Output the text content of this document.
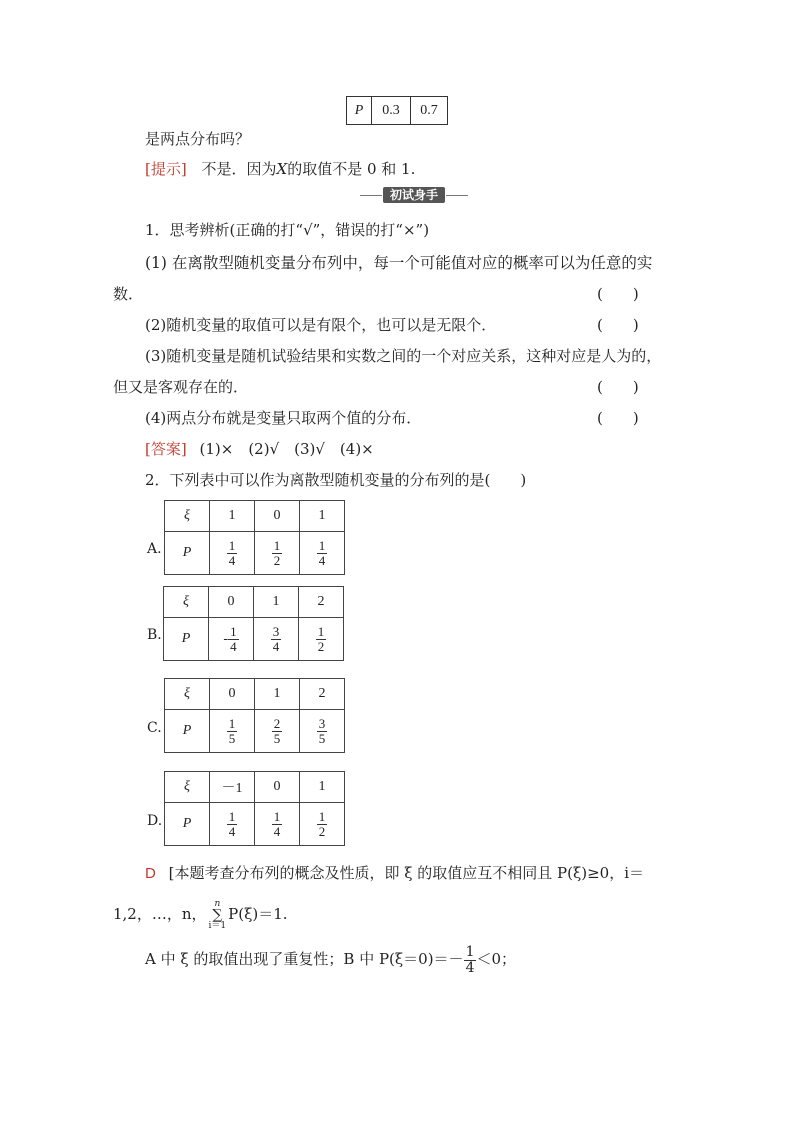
P	0.3	0.7
是两点分布吗？
[提示] 不是．因为X的取值不是 0 和 1.
初试身手
1．思考辨析(正确的打“√”，错误的打“×”)
(1) 在离散型随机变量分布列中，每一个可能值对应的概率可以为任意的实
数．	(　　)
(2)随机变量的取值可以是有限个，也可以是无限个．	(　　)
(3)随机变量是随机试验结果和实数之间的一个对应关系，这种对应是人为的，
但又是客观存在的．	(　　)
(4)两点分布就是变量只取两个值的分布．	(　　)
[答案] (1)×　(2)√　(3)√　(4)×
2．下列表中可以作为离散型随机变量的分布列的是(　　)
A.
ξ	1	0	1
P	$\frac{1}{4}$	$\frac{1}{2}$	$\frac{1}{4}$
B.
ξ	0	1	2
P	- $\frac{1}{4}$	$\frac{3}{4}$	$\frac{1}{2}$
C.
ξ	0	1	2
P	$\frac{1}{5}$	$\frac{2}{5}$	$\frac{3}{5}$
D.
ξ	－1	0	1
P	$\frac{1}{4}$	$\frac{1}{4}$	$\frac{1}{2}$
D [本题考查分布列的概念及性质，即 ξ 的取值应互不相同且 P(ξ)≥0，i＝
1,2，…，n，
n
∑
i＝1
P(ξ)＝1.
A 中 ξ 的取值出现了重复性；B 中 $P(\xi=0)=- \frac{1}{4} <0$；
